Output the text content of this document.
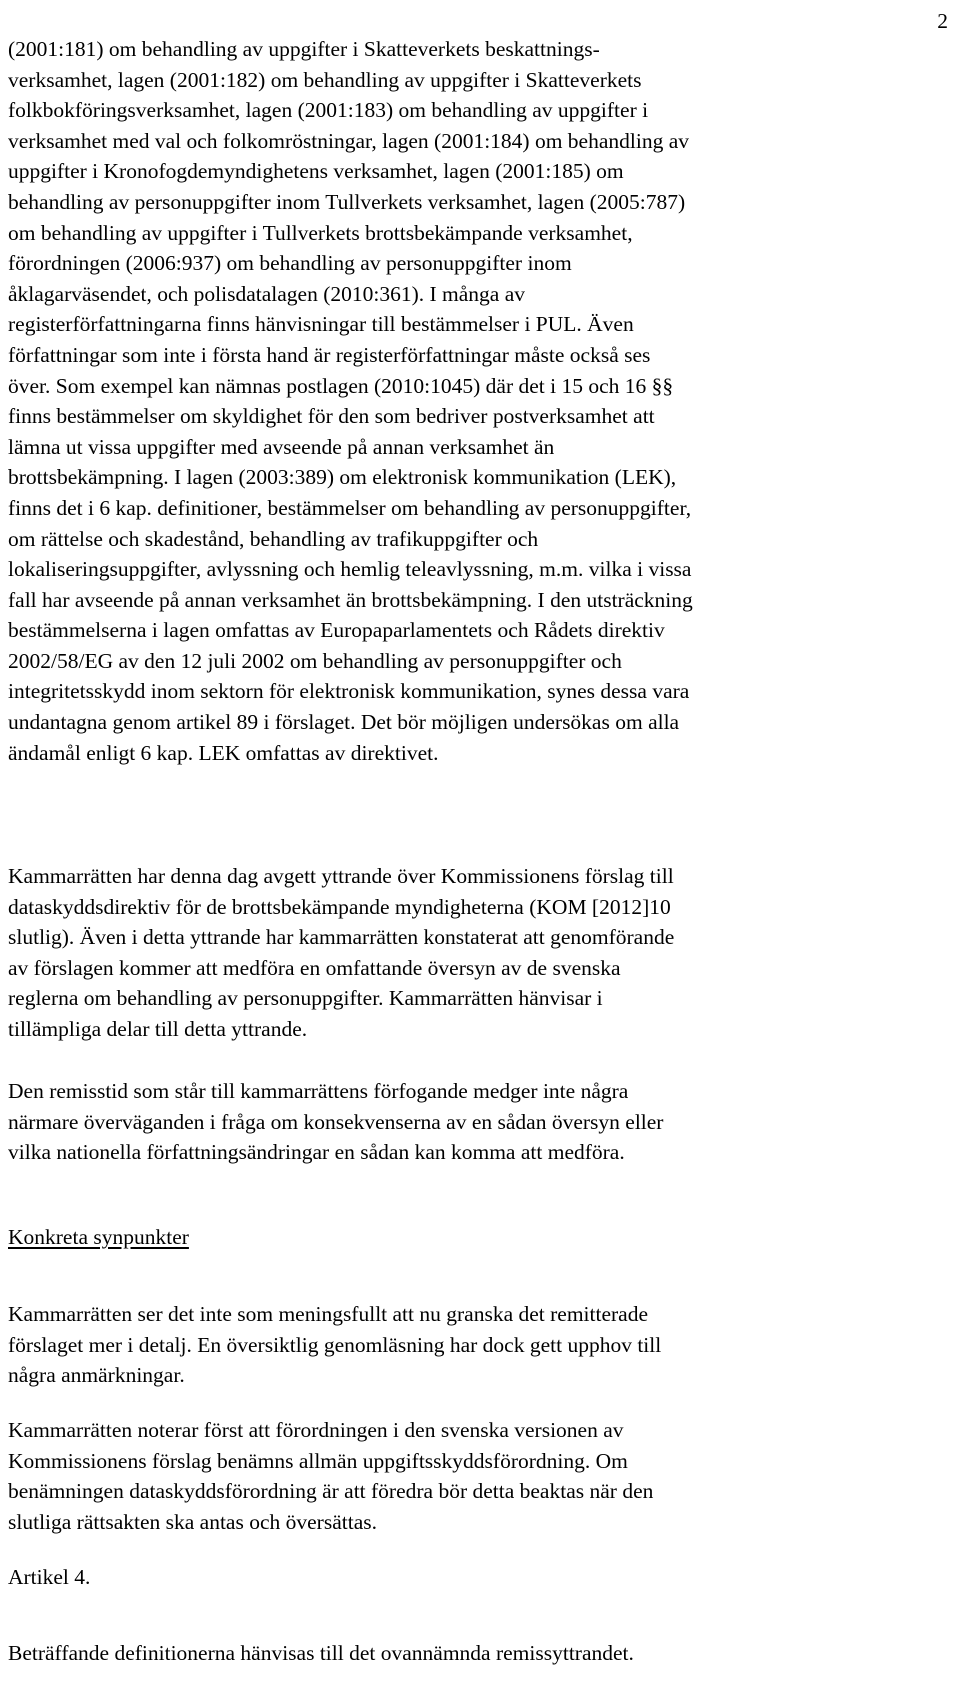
2

(2001:181) om behandling av uppgifter i Skatteverkets beskattnings-
verksamhet, lagen (2001:182) om behandling av uppgifter i Skatteverkets
folkbokföringsverksamhet, lagen (2001:183) om behandling av uppgifter i
verksamhet med val och folkomröstningar, lagen (2001:184) om behandling av
uppgifter i Kronofogdemyndighetens verksamhet, lagen (2001:185) om
behandling av personuppgifter inom Tullverkets verksamhet, lagen (2005:787)
om behandling av uppgifter i Tullverkets brottsbekämpande verksamhet,
förordningen (2006:937) om behandling av personuppgifter inom
åklagarväsendet, och polisdatalagen (2010:361). I många av
registerförfattningarna finns hänvisningar till bestämmelser i PUL. Även
författningar som inte i första hand är registerförfattningar måste också ses
över. Som exempel kan nämnas postlagen (2010:1045) där det i 15 och 16 §§
finns bestämmelser om skyldighet för den som bedriver postverksamhet att
lämna ut vissa uppgifter med avseende på annan verksamhet än
brottsbekämpning. I lagen (2003:389) om elektronisk kommunikation (LEK),
finns det i 6 kap. definitioner, bestämmelser om behandling av personuppgifter,
om rättelse och skadestånd, behandling av trafikuppgifter och
lokaliseringsuppgifter, avlyssning och hemlig teleavlyssning, m.m. vilka i vissa
fall har avseende på annan verksamhet än brottsbekämpning. I den utsträckning
bestämmelserna i lagen omfattas av Europaparlamentets och Rådets direktiv
2002/58/EG av den 12 juli 2002 om behandling av personuppgifter och
integritetsskydd inom sektorn för elektronisk kommunikation, synes dessa vara
undantagna genom artikel 89 i förslaget. Det bör möjligen undersökas om alla
ändamål enligt 6 kap. LEK omfattas av direktivet.

Kammarrätten har denna dag avgett yttrande över Kommissionens förslag till
dataskyddsdirektiv för de brottsbekämpande myndigheterna (KOM [2012]10
slutlig). Även i detta yttrande har kammarrätten konstaterat att genomförande
av förslagen kommer att medföra en omfattande översyn av de svenska
reglerna om behandling av personuppgifter. Kammarrätten hänvisar i
tillämpliga delar till detta yttrande.

Den remisstid som står till kammarrättens förfogande medger inte några
närmare överväganden i fråga om konsekvenserna av en sådan översyn eller
vilka nationella författningsändringar en sådan kan komma att medföra.

Konkreta synpunkter

Kammarrätten ser det inte som meningsfullt att nu granska det remitterade
förslaget mer i detalj. En översiktlig genomläsning har dock gett upphov till
några anmärkningar.

Kammarrätten noterar först att förordningen i den svenska versionen av
Kommissionens förslag benämns allmän uppgiftsskyddsförordning. Om
benämningen dataskyddsförordning är att föredra bör detta beaktas när den
slutliga rättsakten ska antas och översättas.

Artikel 4.

Beträffande definitionerna hänvisas till det ovannämnda remissyttrandet.
